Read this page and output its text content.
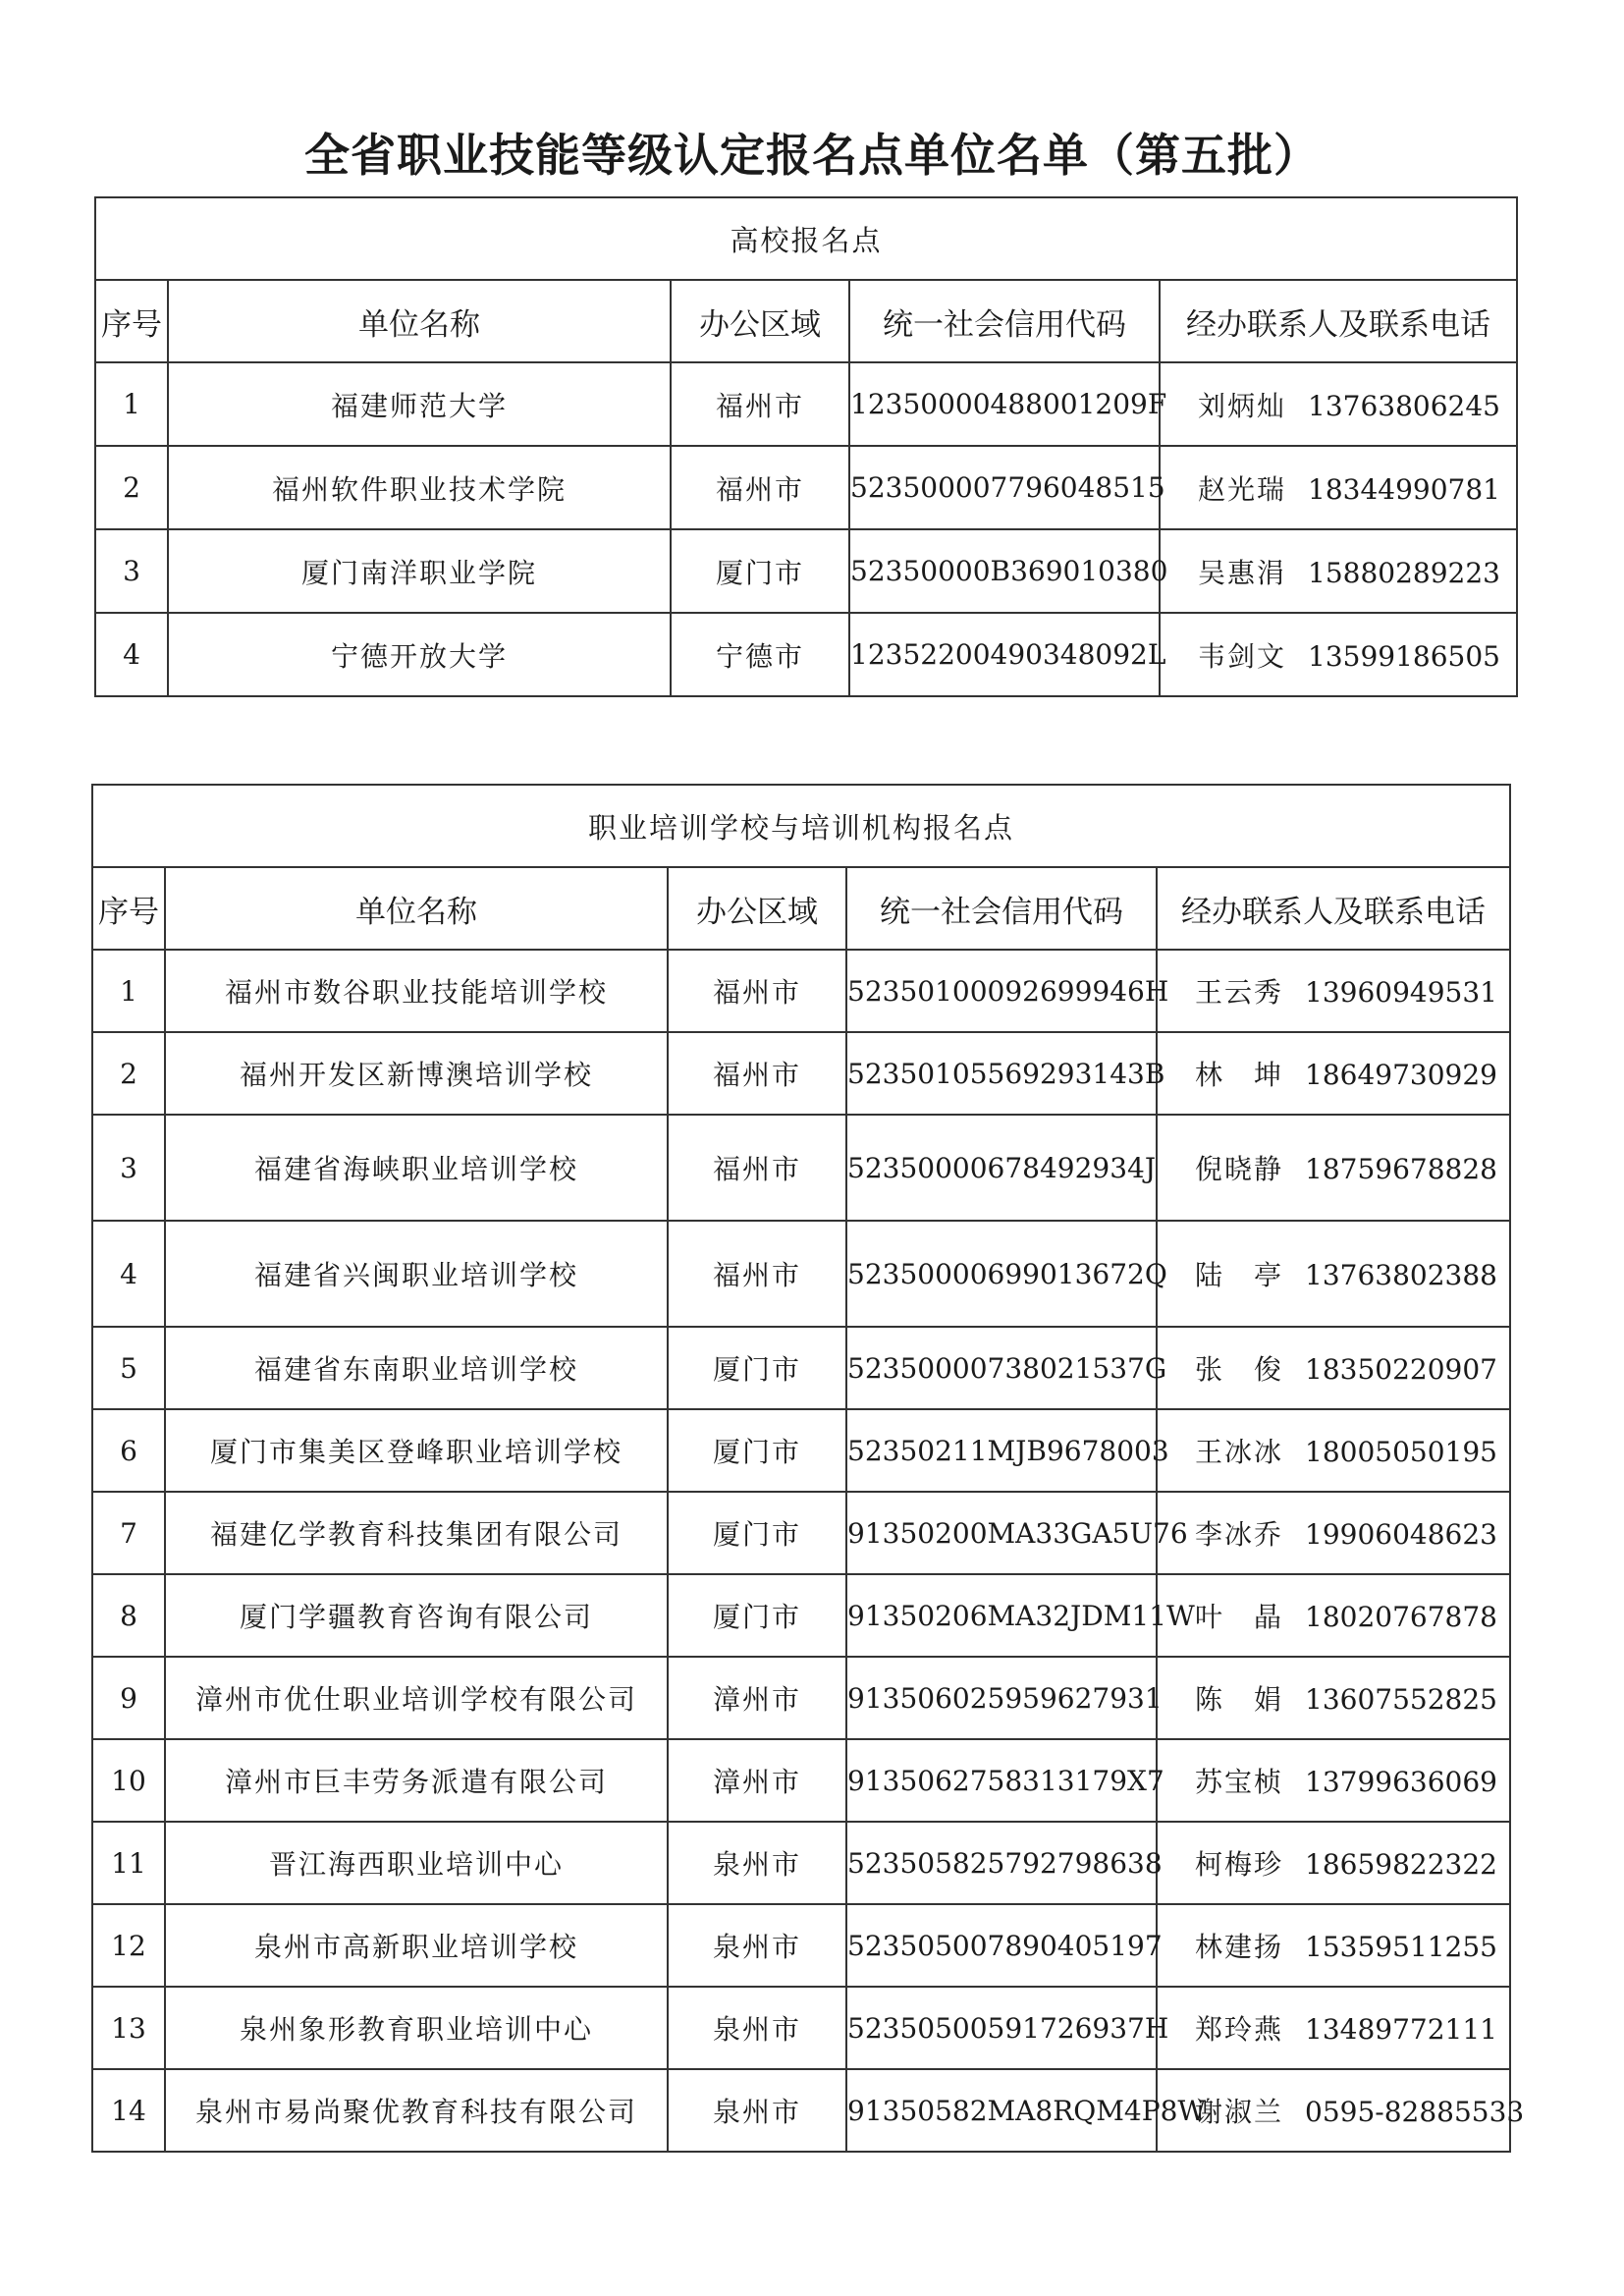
全省职业技能等级认定报名点单位名单（第五批）
高校报名点				
序号	单位名称	办公区域	统一社会信用代码	经办联系人及联系电话
1	福建师范大学	福州市	12350000488001209F	刘炳灿 13763806245
2	福州软件职业技术学院	福州市	523500007796048515	赵光瑞 18344990781
3	厦门南洋职业学院	厦门市	52350000B369010380	吴惠涓 15880289223
4	宁德开放大学	宁德市	12352200490348092L	韦剑文 13599186505
职业培训学校与培训机构报名点				
序号	单位名称	办公区域	统一社会信用代码	经办联系人及联系电话
1	福州市数谷职业技能培训学校	福州市	52350100092699946H	王云秀 13960949531
2	福州开发区新博澳培训学校	福州市	52350105569293143B	林　坤 18649730929
3	福建省海峡职业培训学校	福州市	52350000678492934J	倪晓静 18759678828
4	福建省兴闽职业培训学校	福州市	52350000699013672Q	陆　亭 13763802388
5	福建省东南职业培训学校	厦门市	52350000738021537G	张　俊 18350220907
6	厦门市集美区登峰职业培训学校	厦门市	52350211MJB9678003	王冰冰 18005050195
7	福建亿学教育科技集团有限公司	厦门市	91350200MA33GA5U76	李冰乔 19906048623
8	厦门学疆教育咨询有限公司	厦门市	91350206MA32JDM11W	叶　晶 18020767878
9	漳州市优仕职业培训学校有限公司	漳州市	913506025959627931	陈　娟 13607552825
10	漳州市巨丰劳务派遣有限公司	漳州市	9135062758313179X7	苏宝桢 13799636069
11	晋江海西职业培训中心	泉州市	523505825792798638	柯梅珍 18659822322
12	泉州市高新职业培训学校	泉州市	523505007890405197	林建扬 15359511255
13	泉州象形教育职业培训中心	泉州市	52350500591726937H	郑玲燕 13489772111
14	泉州市易尚聚优教育科技有限公司	泉州市	91350582MA8RQM4P8W	谢淑兰 0595-82885533
